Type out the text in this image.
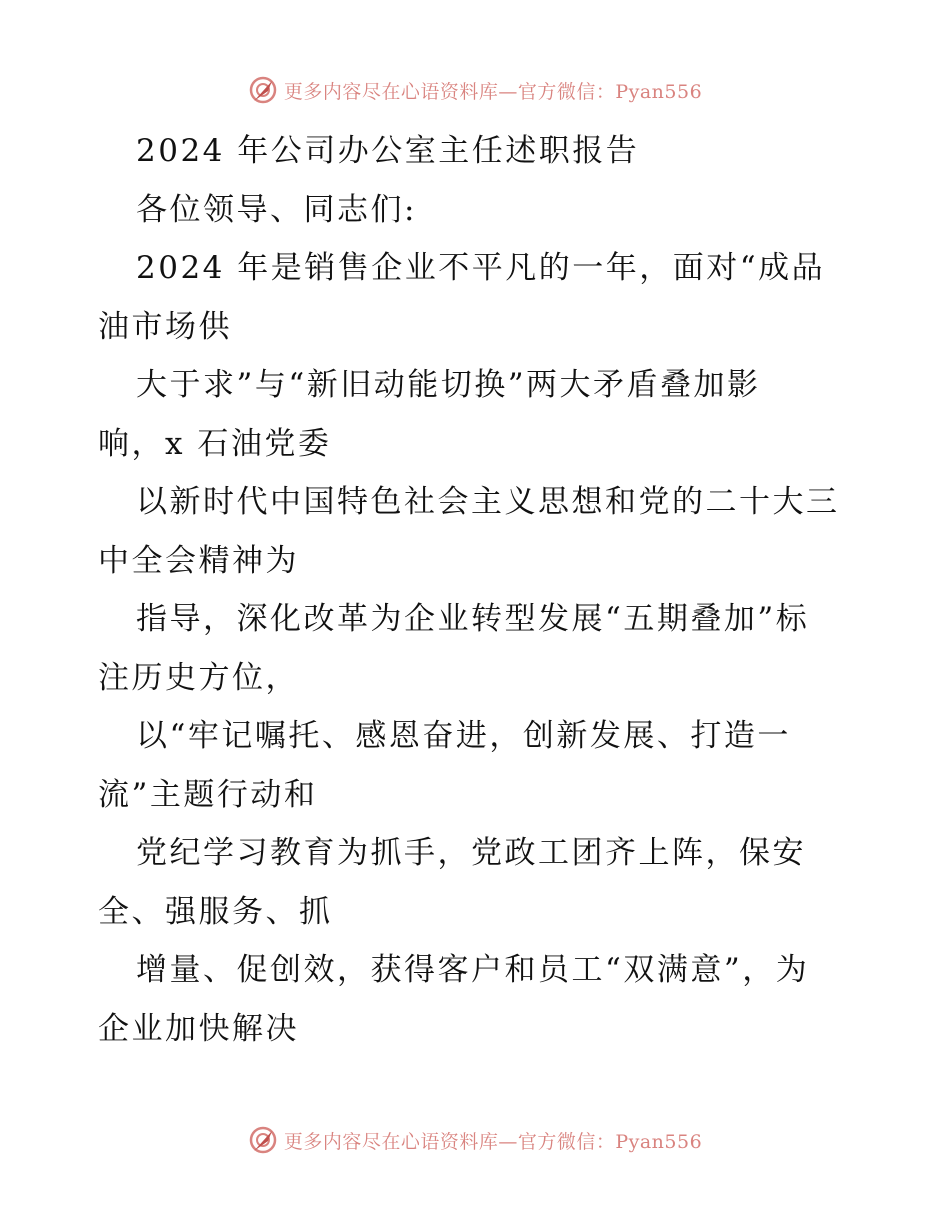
更多内容尽在心语资料库—官方微信：Pyan556
2024 年公司办公室主任述职报告
各位领导、同志们:
2024 年是销售企业不平凡的一年，面对“成品
油市场供
大于求”与“新旧动能切换”两大矛盾叠加影
响，x 石油党委
以新时代中国特色社会主义思想和党的二十大三
中全会精神为
指导，深化改革为企业转型发展“五期叠加”标
注历史方位，
以“牢记嘱托、感恩奋进，创新发展、打造一
流”主题行动和
党纪学习教育为抓手，党政工团齐上阵，保安
全、强服务、抓
增量、促创效，获得客户和员工“双满意”，为
企业加快解决
更多内容尽在心语资料库—官方微信：Pyan556
